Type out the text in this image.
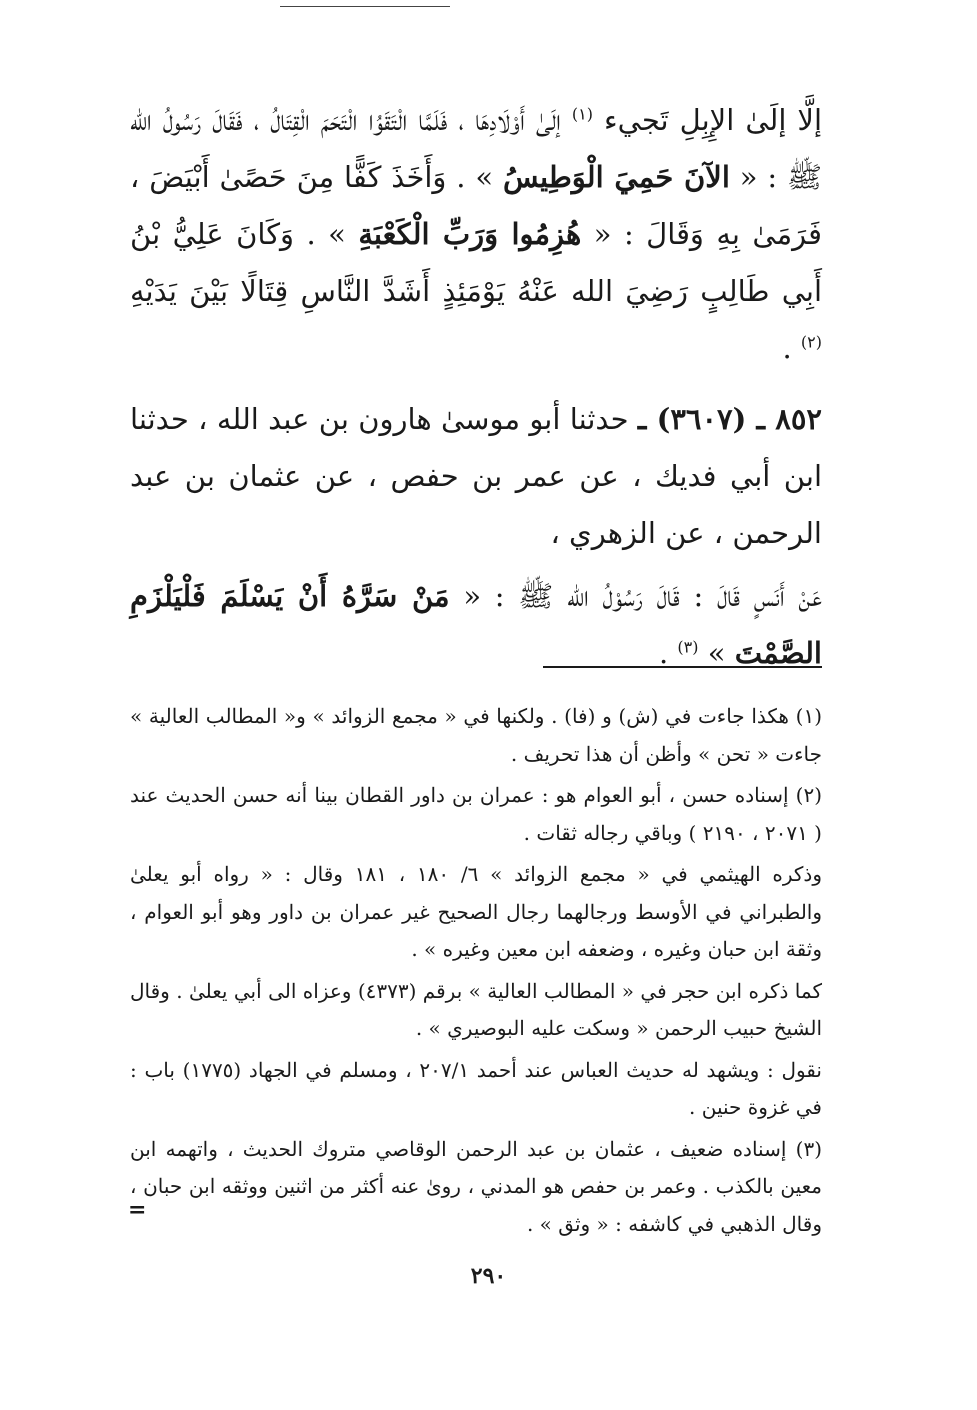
إلَّا إلَىٰ الإِبِلِ تَجيء $^{(١)}$ إلَىٰ أَوْلَادِهَا ، فَلَمَّا الْتَقَوُا الْتَحَمَ الْقِتَالُ ، فَقَالَ رَسُولُ الله ﷺ : « الآنَ حَمِيَ الْوَطِيسُ » . وَأَخَذَ كَفًّا مِنَ حَصًىٰ أَبْيَضَ ، فَرَمَىٰ بِهِ وَقَالَ : « هُزِمُوا وَرَبِّ الْكَعْبَةِ » . وَكَانَ عَلِيُّ بْنُ أَبِي طَالِبٍ رَضِيَ الله عَنْهُ يَوْمَئِذٍ أَشَدَّ النَّاسِ قِتَالًا بَيْنَ يَدَيْهِ $^{(٢)}$ .

٨٥٢ ـ (٣٦٠٧) ـ حدثنا أبو موسىٰ هارون بن عبد الله ، حدثنا ابن أبي فديك ، عن عمر بن حفص ، عن عثمان بن عبد الرحمن ، عن الزهري ،

عَنْ أَنَسٍ قَالَ : قَالَ رَسُوْلُ الله ﷺ : « مَنْ سَرَّهُ أَنْ يَسْلَمَ فَلْيَلْزَمِ الصَّمْتَ » $^{(٣)}$ .

(١) هكذا جاءت في (ش) و (فا) . ولكنها في « مجمع الزوائد » و« المطالب العالية » جاءت « تحن » وأظن أن هذا تحريف .

(٢) إسناده حسن ، أبو العوام هو : عمران بن داور القطان بينا أنه حسن الحديث عند ( ٢٠٧١ ، ٢١٩٠ ) وباقي رجاله ثقات .

وذكره الهيثمي في « مجمع الزوائد » ٦/ ١٨٠ ، ١٨١ وقال : « رواه أبو يعلىٰ والطبراني في الأوسط ورجالهما رجال الصحيح غير عمران بن داور وهو أبو العوام ، وثقة ابن حبان وغيره ، وضعفه ابن معين وغيره » .

كما ذكره ابن حجر في « المطالب العالية » برقم (٤٣٧٣) وعزاه الى أبي يعلىٰ . وقال الشيخ حبيب الرحمن « وسكت عليه البوصيري » .

نقول : ويشهد له حديث العباس عند أحمد ٢٠٧/١ ، ومسلم في الجهاد (١٧٧٥) باب : في غزوة حنين .

(٣) إسناده ضعيف ، عثمان بن عبد الرحمن الوقاصي متروك الحديث ، واتهمه ابن معين بالكذب . وعمر بن حفص هو المدني ، روىٰ عنه أكثر من اثنين ووثقه ابن حبان ، وقال الذهبي في كاشفه : « وثق » .

=
٢٩٠
